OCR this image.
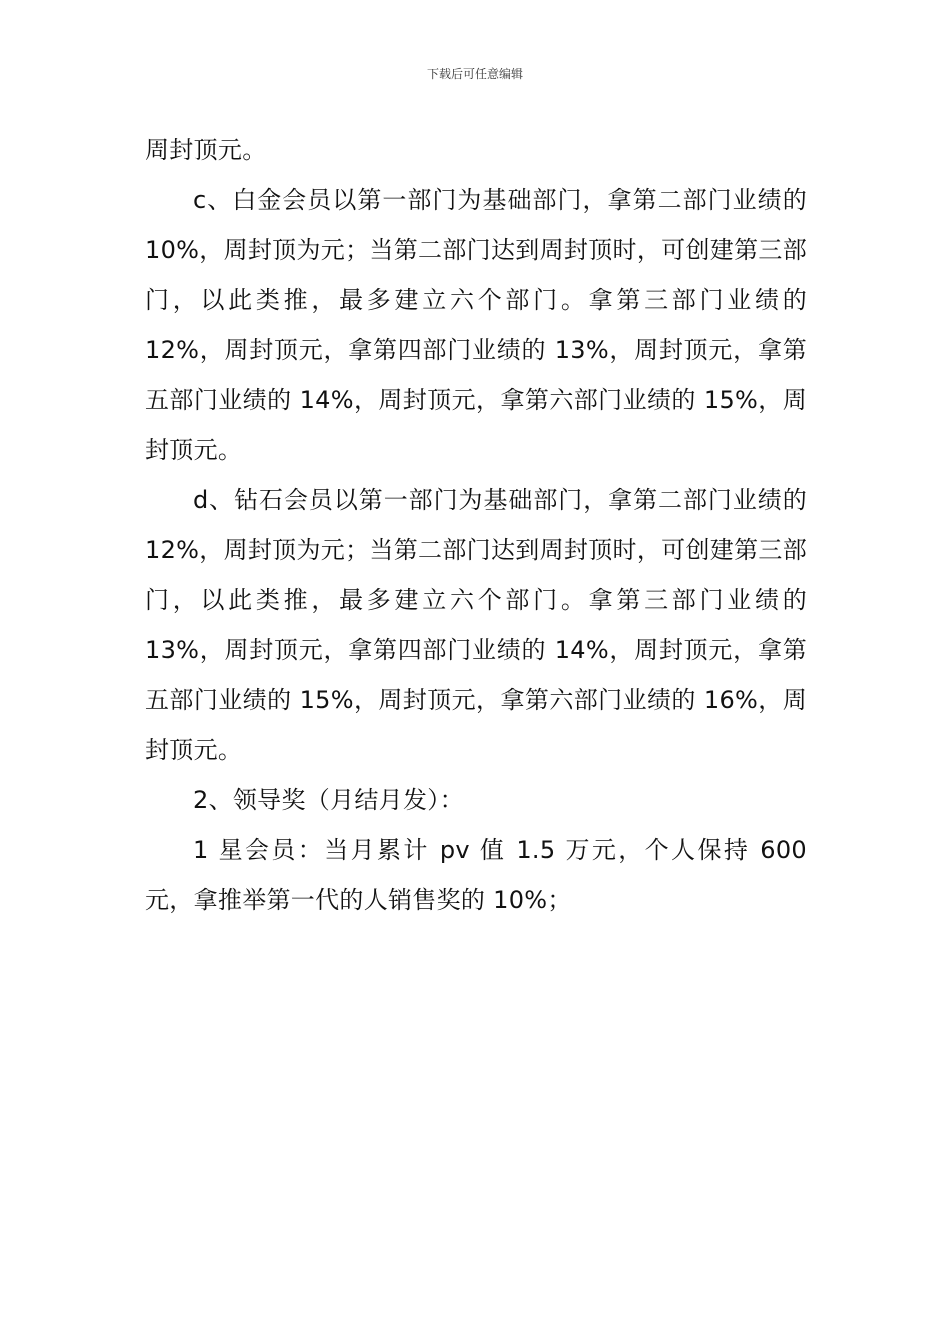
下载后可任意编辑

周封顶元。

c、白金会员以第一部门为基础部门，拿第二部门业绩的 10%，周封顶为元；当第二部门达到周封顶时，可创建第三部门，以此类推，最多建立六个部门。拿第三部门业绩的 12%，周封顶元，拿第四部门业绩的 13%，周封顶元，拿第五部门业绩的 14%，周封顶元，拿第六部门业绩的 15%，周封顶元。

d、钻石会员以第一部门为基础部门，拿第二部门业绩的 12%，周封顶为元；当第二部门达到周封顶时，可创建第三部门，以此类推，最多建立六个部门。拿第三部门业绩的 13%，周封顶元，拿第四部门业绩的 14%，周封顶元，拿第五部门业绩的 15%，周封顶元，拿第六部门业绩的 16%，周封顶元。

2、领导奖（月结月发）：

1 星会员：当月累计 pv 值 1.5 万元，个人保持 600 元，拿推举第一代的人销售奖的 10%；
